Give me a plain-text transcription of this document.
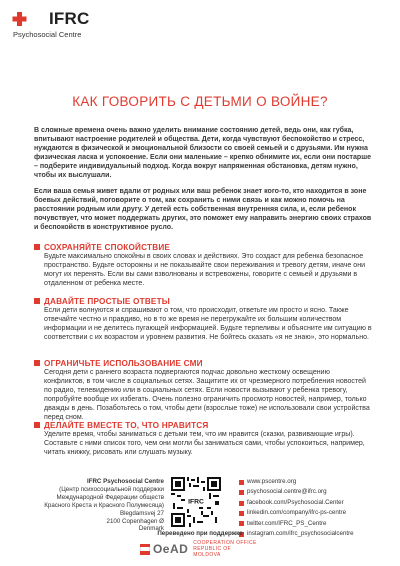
IFRC
Psychosocial Centre
КАК ГОВОРИТЬ С ДЕТЬМИ О ВОЙНЕ?

В сложные времена очень важно уделить внимание состоянию детей, ведь они, как губка, впитывают настроение родителей и общества. Дети, когда чувствуют беспокойство и стресс, нуждаются в физической и эмоциональной близости со своей семьей и с друзьями. Им нужна физическая ласка и успокоение. Если они маленькие – крепко обнимите их, если они постарше – подберите индивидуальный подход. Когда вокруг напряженная обстановка, детям нужно, чтобы их выслушали.

Если ваша семья живет вдали от родных или ваш ребенок знает кого-то, кто находится в зоне боевых действий, поговорите о том, как сохранить с ними связь и как можно помочь на расстоянии родным или другу. У детей есть собственная внутренняя сила, и, если ребенок почувствует, что может поддержать других, это поможет ему направить энергию своих страхов и беспокойств в конструктивное русло.

СОХРАНЯЙТЕ СПОКОЙСТВИЕ
Будьте максимально спокойны в своих словах и действиях. Это создаст для ребенка безопасное пространство. Будьте осторожны и не показывайте свои переживания и тревогу детям, иначе они могут их перенять. Если вы сами взволнованы и встревожены, говорите с семьей и друзьями в отдаленном от ребенка месте.
ДАВАЙТЕ ПРОСТЫЕ ОТВЕТЫ
Если дети волнуются и спрашивают о том, что происходит, ответьте им просто и ясно. Также отвечайте честно и правдиво, но в то же время не перегружайте их большим количеством информации и не делитесь пугающей информацией. Будьте терпеливы и объясните им ситуацию в соответствии с их возрастом и уровнем развития. Не бойтесь сказать «я не знаю», это нормально.
ОГРАНИЧЬТЕ ИСПОЛЬЗОВАНИЕ СМИ
Сегодня дети с раннего возраста подвергаются подчас довольно жесткому освещению конфликтов, в том числе в социальных сетях. Защитите их от чрезмерного потребления новостей по радио, телевидению или в социальных сетях. Если новости вызывают у ребенка тревогу, попробуйте вообще их избегать. Очень полезно ограничить просмотр новостей, например, только дважды в день. Позаботьтесь о том, чтобы дети (взрослые тоже) не использовали свои устройства перед сном.
ДЕЛАЙТЕ ВМЕСТЕ ТО, ЧТО НРАВИТСЯ
Уделите время, чтобы заниматься с детьми тем, что им нравится (сказки, развивающие игры). Составьте с ними список того, чем они могли бы заниматься сами, чтобы успокоиться, например, читать книжку, рисовать или слушать музыку.
IFRC Psychosocial Centre
(Центр психосоциальной поддержки
Международной Федерации обществ
Красного Креста и Красного Полумесяца)
Blegdamsvej 27
2100 Copenhagen Ø
Denmark
IFRC
www.pscentre.org
psychosocial.centre@ifrc.org
facebook.com/Psychosocial.Center
linkedin.com/company/ifrc-ps-centre
twitter.com/IFRC_PS_Centre
instagram.com/ifrc_psychosocialcentre
Переведено при поддержке
OeAD COOPERATION OFFICE
REPUBLIC OF MOLDOVA
